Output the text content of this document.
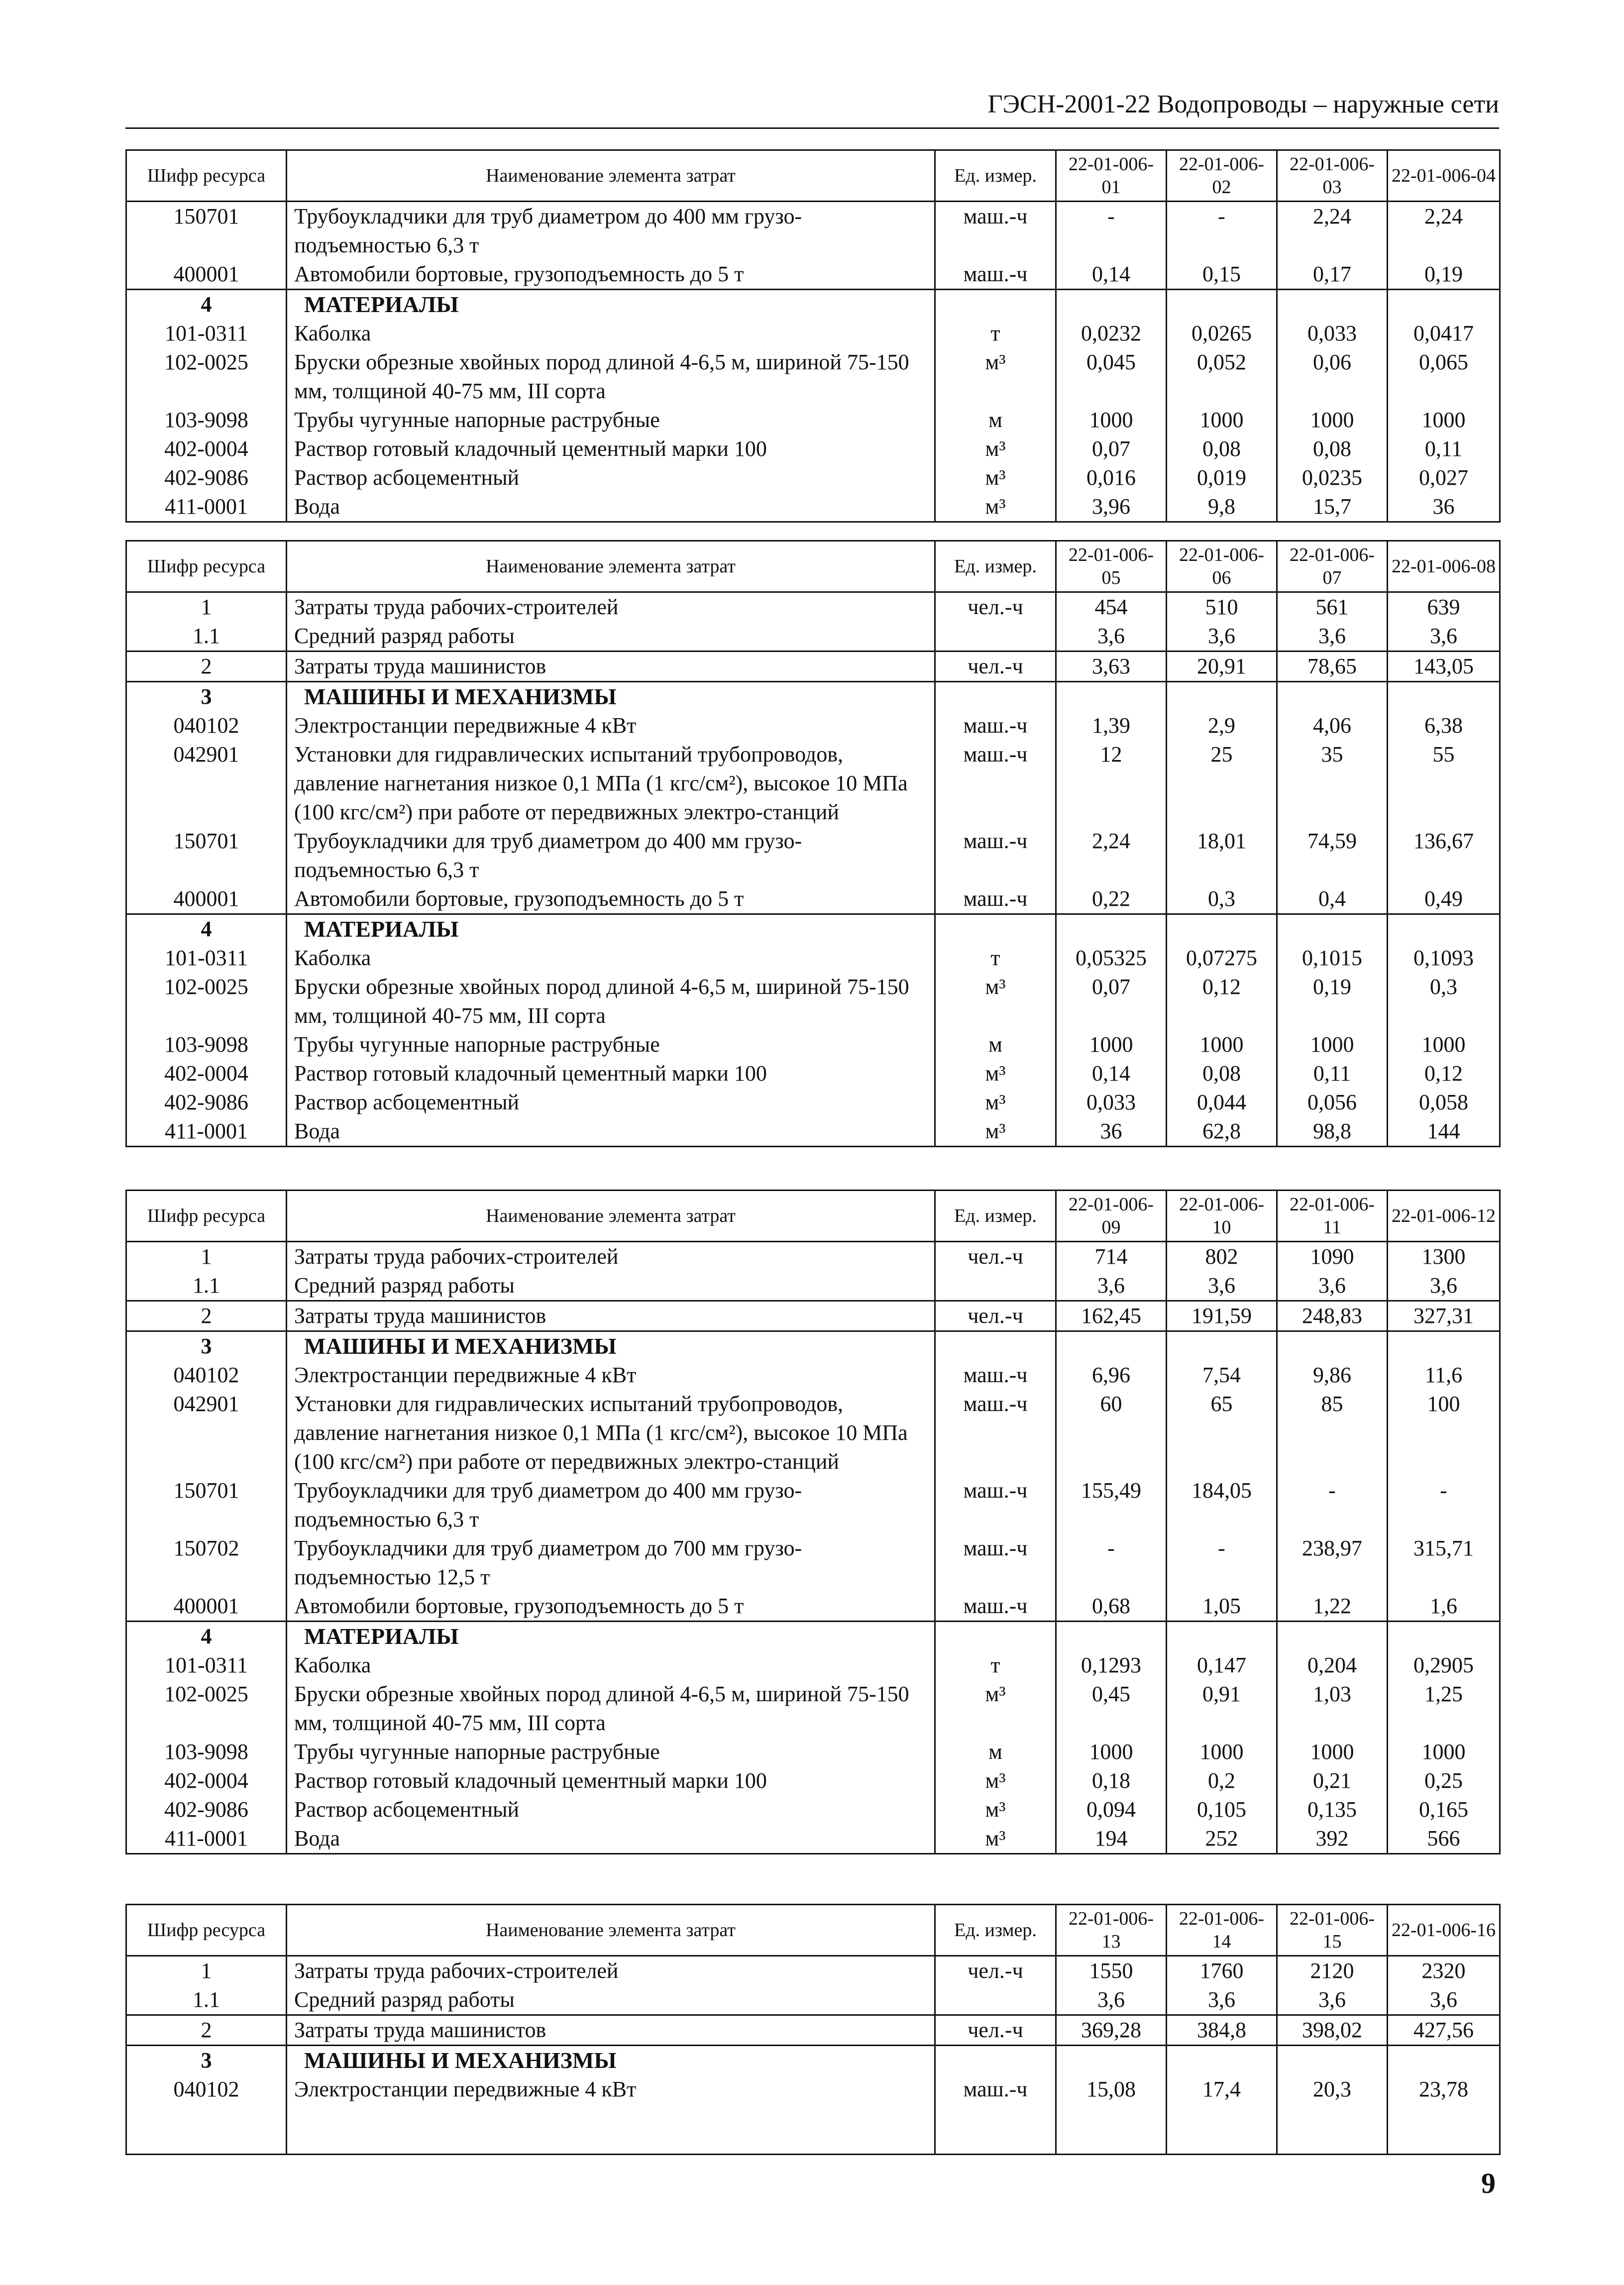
ГЭСН-2001-22 Водопроводы – наружные сети
Шифр ресурса	Наименование элемента затрат	Ед. измер.	22-01-006-01	22-01-006-02	22-01-006-03	22-01-006-04
150701	Трубоукладчики для труб диаметром до 400 мм грузо-подъемностью 6,3 т	маш.-ч	-	-	2,24	2,24
400001	Автомобили бортовые, грузоподъемность до 5 т	маш.-ч	0,14	0,15	0,17	0,19
4	МАТЕРИАЛЫ					
101-0311	Каболка	т	0,0232	0,0265	0,033	0,0417
102-0025	Бруски обрезные хвойных пород длиной 4-6,5 м, шириной 75-150 мм, толщиной 40-75 мм, III сорта	м³	0,045	0,052	0,06	0,065
103-9098	Трубы чугунные напорные раструбные	м	1000	1000	1000	1000
402-0004	Раствор готовый кладочный цементный марки 100	м³	0,07	0,08	0,08	0,11
402-9086	Раствор асбоцементный	м³	0,016	0,019	0,0235	0,027
411-0001	Вода	м³	3,96	9,8	15,7	36
Шифр ресурса	Наименование элемента затрат	Ед. измер.	22-01-006-05	22-01-006-06	22-01-006-07	22-01-006-08
1	Затраты труда рабочих-строителей	чел.-ч	454	510	561	639
1.1	Средний разряд работы		3,6	3,6	3,6	3,6
2	Затраты труда машинистов	чел.-ч	3,63	20,91	78,65	143,05
3	МАШИНЫ И МЕХАНИЗМЫ					
040102	Электростанции передвижные 4 кВт	маш.-ч	1,39	2,9	4,06	6,38
042901	Установки для гидравлических испытаний трубопроводов, давление нагнетания низкое 0,1 МПа (1 кгс/см²), высокое 10 МПа (100 кгс/см²) при работе от передвижных электро-станций	маш.-ч	12	25	35	55
150701	Трубоукладчики для труб диаметром до 400 мм грузо-подъемностью 6,3 т	маш.-ч	2,24	18,01	74,59	136,67
400001	Автомобили бортовые, грузоподъемность до 5 т	маш.-ч	0,22	0,3	0,4	0,49
4	МАТЕРИАЛЫ					
101-0311	Каболка	т	0,05325	0,07275	0,1015	0,1093
102-0025	Бруски обрезные хвойных пород длиной 4-6,5 м, шириной 75-150 мм, толщиной 40-75 мм, III сорта	м³	0,07	0,12	0,19	0,3
103-9098	Трубы чугунные напорные раструбные	м	1000	1000	1000	1000
402-0004	Раствор готовый кладочный цементный марки 100	м³	0,14	0,08	0,11	0,12
402-9086	Раствор асбоцементный	м³	0,033	0,044	0,056	0,058
411-0001	Вода	м³	36	62,8	98,8	144
Шифр ресурса	Наименование элемента затрат	Ед. измер.	22-01-006-09	22-01-006-10	22-01-006-11	22-01-006-12
1	Затраты труда рабочих-строителей	чел.-ч	714	802	1090	1300
1.1	Средний разряд работы		3,6	3,6	3,6	3,6
2	Затраты труда машинистов	чел.-ч	162,45	191,59	248,83	327,31
3	МАШИНЫ И МЕХАНИЗМЫ					
040102	Электростанции передвижные 4 кВт	маш.-ч	6,96	7,54	9,86	11,6
042901	Установки для гидравлических испытаний трубопроводов, давление нагнетания низкое 0,1 МПа (1 кгс/см²), высокое 10 МПа (100 кгс/см²) при работе от передвижных электро-станций	маш.-ч	60	65	85	100
150701	Трубоукладчики для труб диаметром до 400 мм грузо-подъемностью 6,3 т	маш.-ч	155,49	184,05	-	-
150702	Трубоукладчики для труб диаметром до 700 мм грузо-подъемностью 12,5 т	маш.-ч	-	-	238,97	315,71
400001	Автомобили бортовые, грузоподъемность до 5 т	маш.-ч	0,68	1,05	1,22	1,6
4	МАТЕРИАЛЫ					
101-0311	Каболка	т	0,1293	0,147	0,204	0,2905
102-0025	Бруски обрезные хвойных пород длиной 4-6,5 м, шириной 75-150 мм, толщиной 40-75 мм, III сорта	м³	0,45	0,91	1,03	1,25
103-9098	Трубы чугунные напорные раструбные	м	1000	1000	1000	1000
402-0004	Раствор готовый кладочный цементный марки 100	м³	0,18	0,2	0,21	0,25
402-9086	Раствор асбоцементный	м³	0,094	0,105	0,135	0,165
411-0001	Вода	м³	194	252	392	566
Шифр ресурса	Наименование элемента затрат	Ед. измер.	22-01-006-13	22-01-006-14	22-01-006-15	22-01-006-16
1	Затраты труда рабочих-строителей	чел.-ч	1550	1760	2120	2320
1.1	Средний разряд работы		3,6	3,6	3,6	3,6
2	Затраты труда машинистов	чел.-ч	369,28	384,8	398,02	427,56
3	МАШИНЫ И МЕХАНИЗМЫ					
040102	Электростанции передвижные 4 кВт	маш.-ч	15,08	17,4	20,3	23,78
9
